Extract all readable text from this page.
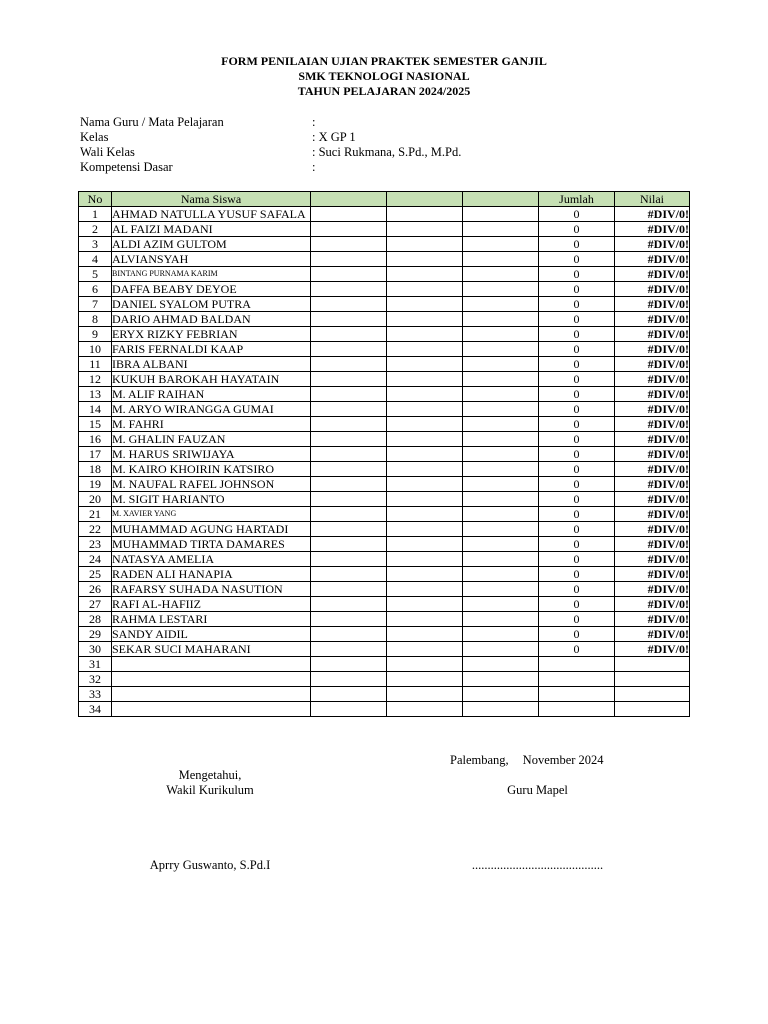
FORM PENILAIAN UJIAN PRAKTEK SEMESTER GANJIL
SMK TEKNOLOGI NASIONAL
TAHUN PELAJARAN 2024/2025
Nama Guru / Mata Pelajaran	:
Kelas	: X GP 1
Wali Kelas	: Suci Rukmana, S.Pd., M.Pd.
Kompetensi Dasar	:
No	Nama Siswa				Jumlah	Nilai
1	AHMAD NATULLA YUSUF SAFALA				0	#DIV/0!
2	AL FAIZI MADANI				0	#DIV/0!
3	ALDI AZIM GULTOM				0	#DIV/0!
4	ALVIANSYAH				0	#DIV/0!
5	BINTANG PURNAMA KARIM				0	#DIV/0!
6	DAFFA BEABY DEYOE				0	#DIV/0!
7	DANIEL SYALOM PUTRA				0	#DIV/0!
8	DARIO AHMAD BALDAN				0	#DIV/0!
9	ERYX RIZKY FEBRIAN				0	#DIV/0!
10	FARIS FERNALDI KAAP				0	#DIV/0!
11	IBRA ALBANI				0	#DIV/0!
12	KUKUH BAROKAH HAYATAIN				0	#DIV/0!
13	M. ALIF RAIHAN				0	#DIV/0!
14	M. ARYO WIRANGGA GUMAI				0	#DIV/0!
15	M. FAHRI				0	#DIV/0!
16	M. GHALIN FAUZAN				0	#DIV/0!
17	M. HARUS SRIWIJAYA				0	#DIV/0!
18	M. KAIRO KHOIRIN KATSIRO				0	#DIV/0!
19	M. NAUFAL RAFEL JOHNSON				0	#DIV/0!
20	M. SIGIT HARIANTO				0	#DIV/0!
21	M. XAVIER YANG				0	#DIV/0!
22	MUHAMMAD AGUNG HARTADI				0	#DIV/0!
23	MUHAMMAD TIRTA DAMARES				0	#DIV/0!
24	NATASYA AMELIA				0	#DIV/0!
25	RADEN ALI HANAPIA				0	#DIV/0!
26	RAFARSY SUHADA NASUTION				0	#DIV/0!
27	RAFI AL-HAFIIZ				0	#DIV/0!
28	RAHMA LESTARI				0	#DIV/0!
29	SANDY AIDIL				0	#DIV/0!
30	SEKAR SUCI MAHARANI				0	#DIV/0!
31						
32						
33						
34						
Palembang, November 2024
Mengetahui,
Wakil Kurikulum	Guru Mapel
Aprry Guswanto, S.Pd.I	..........................................
